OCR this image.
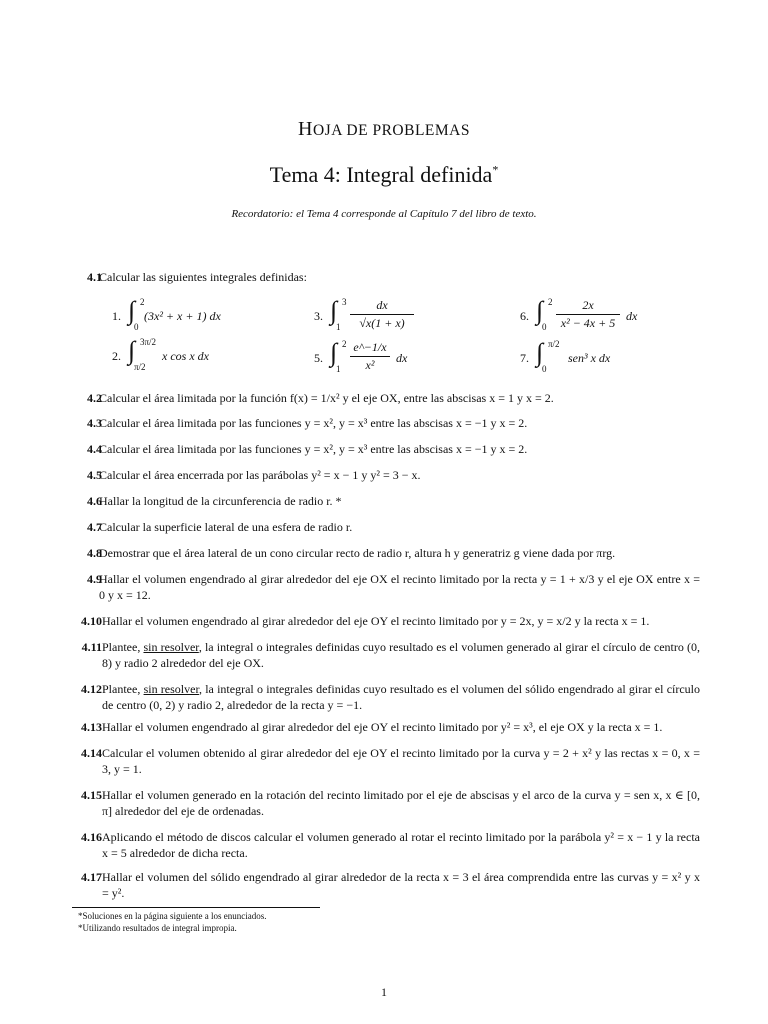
HOJA DE PROBLEMAS
Tema 4: Integral definida*
Recordatorio: el Tema 4 corresponde al Capítulo 7 del libro de texto.
4.1
Calcular las siguientes integrales definidas:
1. ∫ 2
0
(3x² + x + 1) dx
2. ∫ 3π/2
π/2
x cos x dx
3. ∫ 3
$1 \frac{dx}{√x(1 + x)}$
5. ∫ 2
$1 \frac{e\^{}-1/x}{\text{x²}}$ dx
6. ∫ 2
$0 \frac{2x}{\text{x² − 4x + 5}}$ dx
7. ∫ π/2
0
sen³ x dx
4.2
Calcular el área limitada por la función f(x) = 1/x² y el eje OX, entre las abscisas x = 1 y x = 2.
4.3
Calcular el área limitada por las funciones y = x², y = x³ entre las abscisas x = −1 y x = 2.
4.4
Calcular el área limitada por las funciones y = x², y = x³ entre las abscisas x = −1 y x = 2.
4.5
Calcular el área encerrada por las parábolas y² = x − 1 y y² = 3 − x.
4.6
Hallar la longitud de la circunferencia de radio r. *
4.7
Calcular la superficie lateral de una esfera de radio r.
4.8
Demostrar que el área lateral de un cono circular recto de radio r, altura h y generatriz g viene dada por πrg.
4.9
Hallar el volumen engendrado al girar alrededor del eje OX el recinto limitado por la recta y = 1 + x/3 y el eje OX entre x = 0 y x = 12.
4.10 Hallar el volumen engendrado al girar alrededor del eje OY el recinto limitado por y = 2x, y = x/2 y la recta x = 1.
4.11 Plantee, sin resolver, la integral o integrales definidas cuyo resultado es el volumen generado al girar el círculo de centro (0, 8) y radio 2 alrededor del eje OX.
4.12 Plantee, sin resolver, la integral o integrales definidas cuyo resultado es el volumen del sólido engendrado al girar el círculo de centro (0, 2) y radio 2, alrededor de la recta y = −1.
4.13 Hallar el volumen engendrado al girar alrededor del eje OY el recinto limitado por y² = x³, el eje OX y la recta x = 1.
4.14 Calcular el volumen obtenido al girar alrededor del eje OY el recinto limitado por la curva y = 2 + x² y las rectas x = 0, x = 3, y = 1.
4.15 Hallar el volumen generado en la rotación del recinto limitado por el eje de abscisas y el arco de la curva y = sen x, x ∈ [0, π] alrededor del eje de ordenadas.
4.16 Aplicando el método de discos calcular el volumen generado al rotar el recinto limitado por la parábola y² = x − 1 y la recta x = 5 alrededor de dicha recta.
4.17 Hallar el volumen del sólido engendrado al girar alrededor de la recta x = 3 el área comprendida entre las curvas y = x² y x = y².
*Soluciones en la página siguiente a los enunciados.
*Utilizando resultados de integral impropia.
1
